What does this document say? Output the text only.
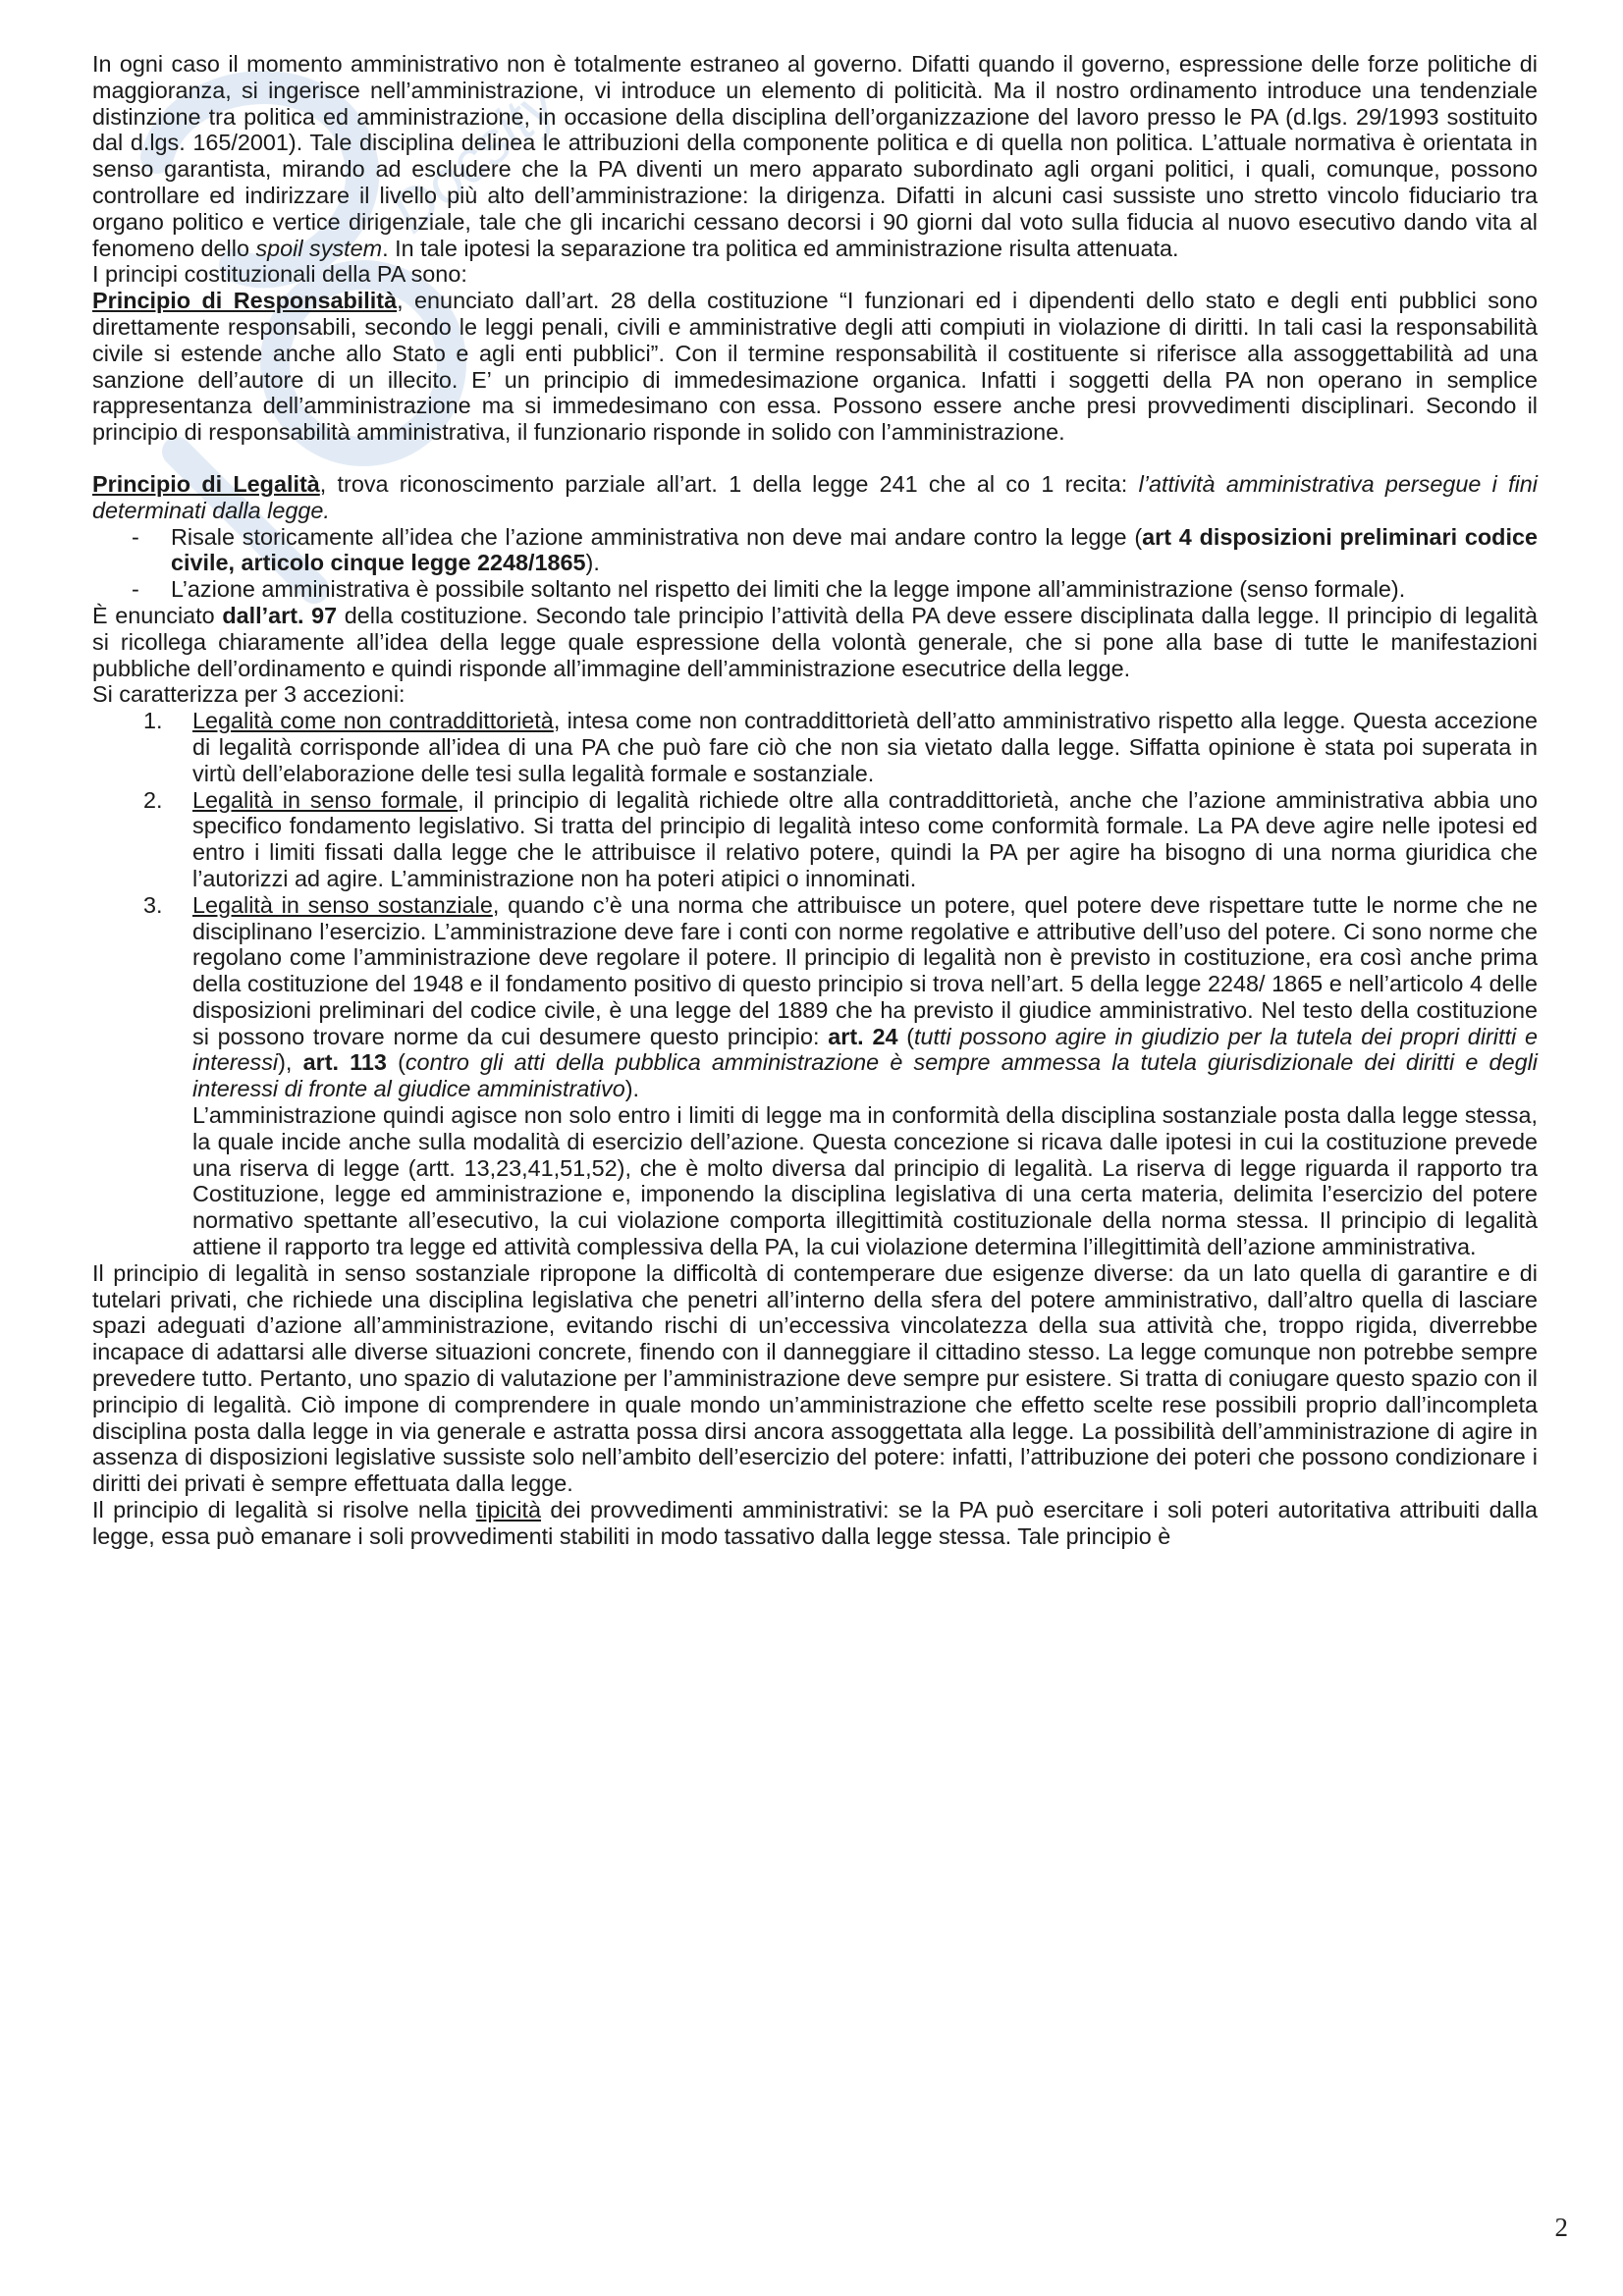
Docsity

In ogni caso il momento amministrativo non è totalmente estraneo al governo. Difatti quando il governo, espressione delle forze politiche di maggioranza, si ingerisce nell’amministrazione, vi introduce un elemento di politicità. Ma il nostro ordinamento introduce una tendenziale distinzione tra politica ed amministrazione, in occasione della disciplina dell’organizzazione del lavoro presso le PA (d.lgs. 29/1993 sostituito dal d.lgs. 165/2001). Tale disciplina delinea le attribuzioni della componente politica e di quella non politica. L’attuale normativa è orientata in senso garantista, mirando ad escludere che la PA diventi un mero apparato subordinato agli organi politici, i quali, comunque, possono controllare ed indirizzare il livello più alto dell’amministrazione: la dirigenza. Difatti in alcuni casi sussiste uno stretto vincolo fiduciario tra organo politico e vertice dirigenziale, tale che gli incarichi cessano decorsi i 90 giorni dal voto sulla fiducia al nuovo esecutivo dando vita al fenomeno dello spoil system. In tale ipotesi la separazione tra politica ed amministrazione risulta attenuata.

I principi costituzionali della PA sono:

Principio di Responsabilità, enunciato dall’art. 28 della costituzione “I funzionari ed i dipendenti dello stato e degli enti pubblici sono direttamente responsabili, secondo le leggi penali, civili e amministrative degli atti compiuti in violazione di diritti. In tali casi la responsabilità civile si estende anche allo Stato e agli enti pubblici”. Con il termine responsabilità il costituente si riferisce alla assoggettabilità ad una sanzione dell’autore di un illecito. E’ un principio di immedesimazione organica. Infatti i soggetti della PA non operano in semplice rappresentanza dell’amministrazione ma si immedesimano con essa. Possono essere anche presi provvedimenti disciplinari. Secondo il principio di responsabilità amministrativa, il funzionario risponde in solido con l’amministrazione.

Principio di Legalità, trova riconoscimento parziale all’art. 1 della legge 241 che al co 1 recita: l’attività amministrativa persegue i fini determinati dalla legge.

- Risale storicamente all’idea che l’azione amministrativa non deve mai andare contro la legge (art 4 disposizioni preliminari codice civile, articolo cinque legge 2248/1865).
- L’azione amministrativa è possibile soltanto nel rispetto dei limiti che la legge impone all’amministrazione (senso formale).

È enunciato dall’art. 97 della costituzione. Secondo tale principio l’attività della PA deve essere disciplinata dalla legge. Il principio di legalità si ricollega chiaramente all’idea della legge quale espressione della volontà generale, che si pone alla base di tutte le manifestazioni pubbliche dell’ordinamento e quindi risponde all’immagine dell’amministrazione esecutrice della legge.

Si caratterizza per 3 accezioni:

1. Legalità come non contraddittorietà, intesa come non contraddittorietà dell’atto amministrativo rispetto alla legge. Questa accezione di legalità corrisponde all’idea di una PA che può fare ciò che non sia vietato dalla legge. Siffatta opinione è stata poi superata in virtù dell’elaborazione delle tesi sulla legalità formale e sostanziale.
2. Legalità in senso formale, il principio di legalità richiede oltre alla contraddittorietà, anche che l’azione amministrativa abbia uno specifico fondamento legislativo. Si tratta del principio di legalità inteso come conformità formale. La PA deve agire nelle ipotesi ed entro i limiti fissati dalla legge che le attribuisce il relativo potere, quindi la PA per agire ha bisogno di una norma giuridica che l’autorizzi ad agire. L’amministrazione non ha poteri atipici o innominati.
3. Legalità in senso sostanziale, quando c’è una norma che attribuisce un potere, quel potere deve rispettare tutte le norme che ne disciplinano l’esercizio. L’amministrazione deve fare i conti con norme regolative e attributive dell’uso del potere. Ci sono norme che regolano come l’amministrazione deve regolare il potere. Il principio di legalità non è previsto in costituzione, era così anche prima della costituzione del 1948 e il fondamento positivo di questo principio si trova nell’art. 5 della legge 2248/ 1865 e nell’articolo 4 delle disposizioni preliminari del codice civile, è una legge del 1889 che ha previsto il giudice amministrativo. Nel testo della costituzione si possono trovare norme da cui desumere questo principio: art. 24 (tutti possono agire in giudizio per la tutela dei propri diritti e interessi), art. 113 (contro gli atti della pubblica amministrazione è sempre ammessa la tutela giurisdizionale dei diritti e degli interessi di fronte al giudice amministrativo).
L’amministrazione quindi agisce non solo entro i limiti di legge ma in conformità della disciplina sostanziale posta dalla legge stessa, la quale incide anche sulla modalità di esercizio dell’azione. Questa concezione si ricava dalle ipotesi in cui la costituzione prevede una riserva di legge (artt. 13,23,41,51,52), che è molto diversa dal principio di legalità. La riserva di legge riguarda il rapporto tra Costituzione, legge ed amministrazione e, imponendo la disciplina legislativa di una certa materia, delimita l’esercizio del potere normativo spettante all’esecutivo, la cui violazione comporta illegittimità costituzionale della norma stessa. Il principio di legalità attiene il rapporto tra legge ed attività complessiva della PA, la cui violazione determina l’illegittimità dell’azione amministrativa.

Il principio di legalità in senso sostanziale ripropone la difficoltà di contemperare due esigenze diverse: da un lato quella di garantire e di tutelari privati, che richiede una disciplina legislativa che penetri all’interno della sfera del potere amministrativo, dall’altro quella di lasciare spazi adeguati d’azione all’amministrazione, evitando rischi di un’eccessiva vincolatezza della sua attività che, troppo rigida, diverrebbe incapace di adattarsi alle diverse situazioni concrete, finendo con il danneggiare il cittadino stesso. La legge comunque non potrebbe sempre prevedere tutto. Pertanto, uno spazio di valutazione per l’amministrazione deve sempre pur esistere. Si tratta di coniugare questo spazio con il principio di legalità. Ciò impone di comprendere in quale mondo un’amministrazione che effetto scelte rese possibili proprio dall’incompleta disciplina posta dalla legge in via generale e astratta possa dirsi ancora assoggettata alla legge. La possibilità dell’amministrazione di agire in assenza di disposizioni legislative sussiste solo nell’ambito dell’esercizio del potere: infatti, l’attribuzione dei poteri che possono condizionare i diritti dei privati è sempre effettuata dalla legge.

Il principio di legalità si risolve nella tipicità dei provvedimenti amministrativi: se la PA può esercitare i soli poteri autoritativa attribuiti dalla legge, essa può emanare i soli provvedimenti stabiliti in modo tassativo dalla legge stessa. Tale principio è

2
